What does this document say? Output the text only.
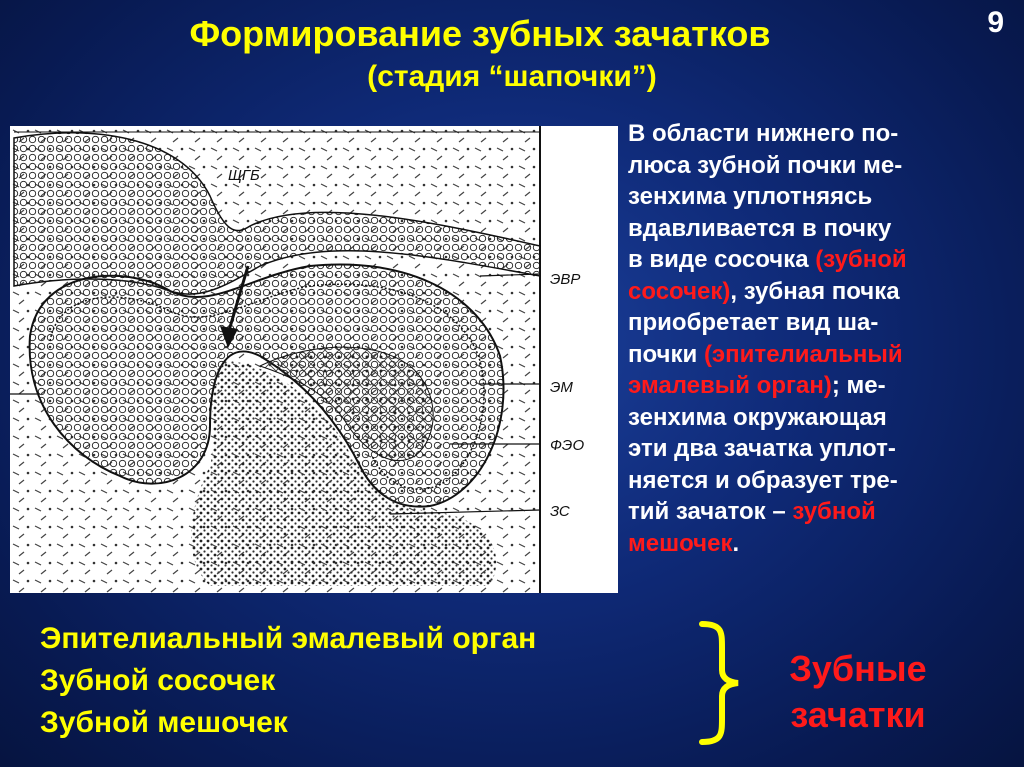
Формирование зубных зачатков
(стадия “шапочки”)
9
ЩГБ
ЭВР
ЭМ
ФЭО
ЗС
В области нижнего по-
люса зубной почки ме-
зенхима уплотняясь
вдавливается в почку
в виде сосочка (зубной
сосочек), зубная почка
приобретает вид ша-
почки (эпителиальный
эмалевый орган); ме-
зенхима окружающая
эти два зачатка уплот-
няется и образует тре-
тий зачаток – зубной
мешочек.
Эпителиальный эмалевый орган
Зубной сосочек
Зубной мешочек
Зубные
зачатки
